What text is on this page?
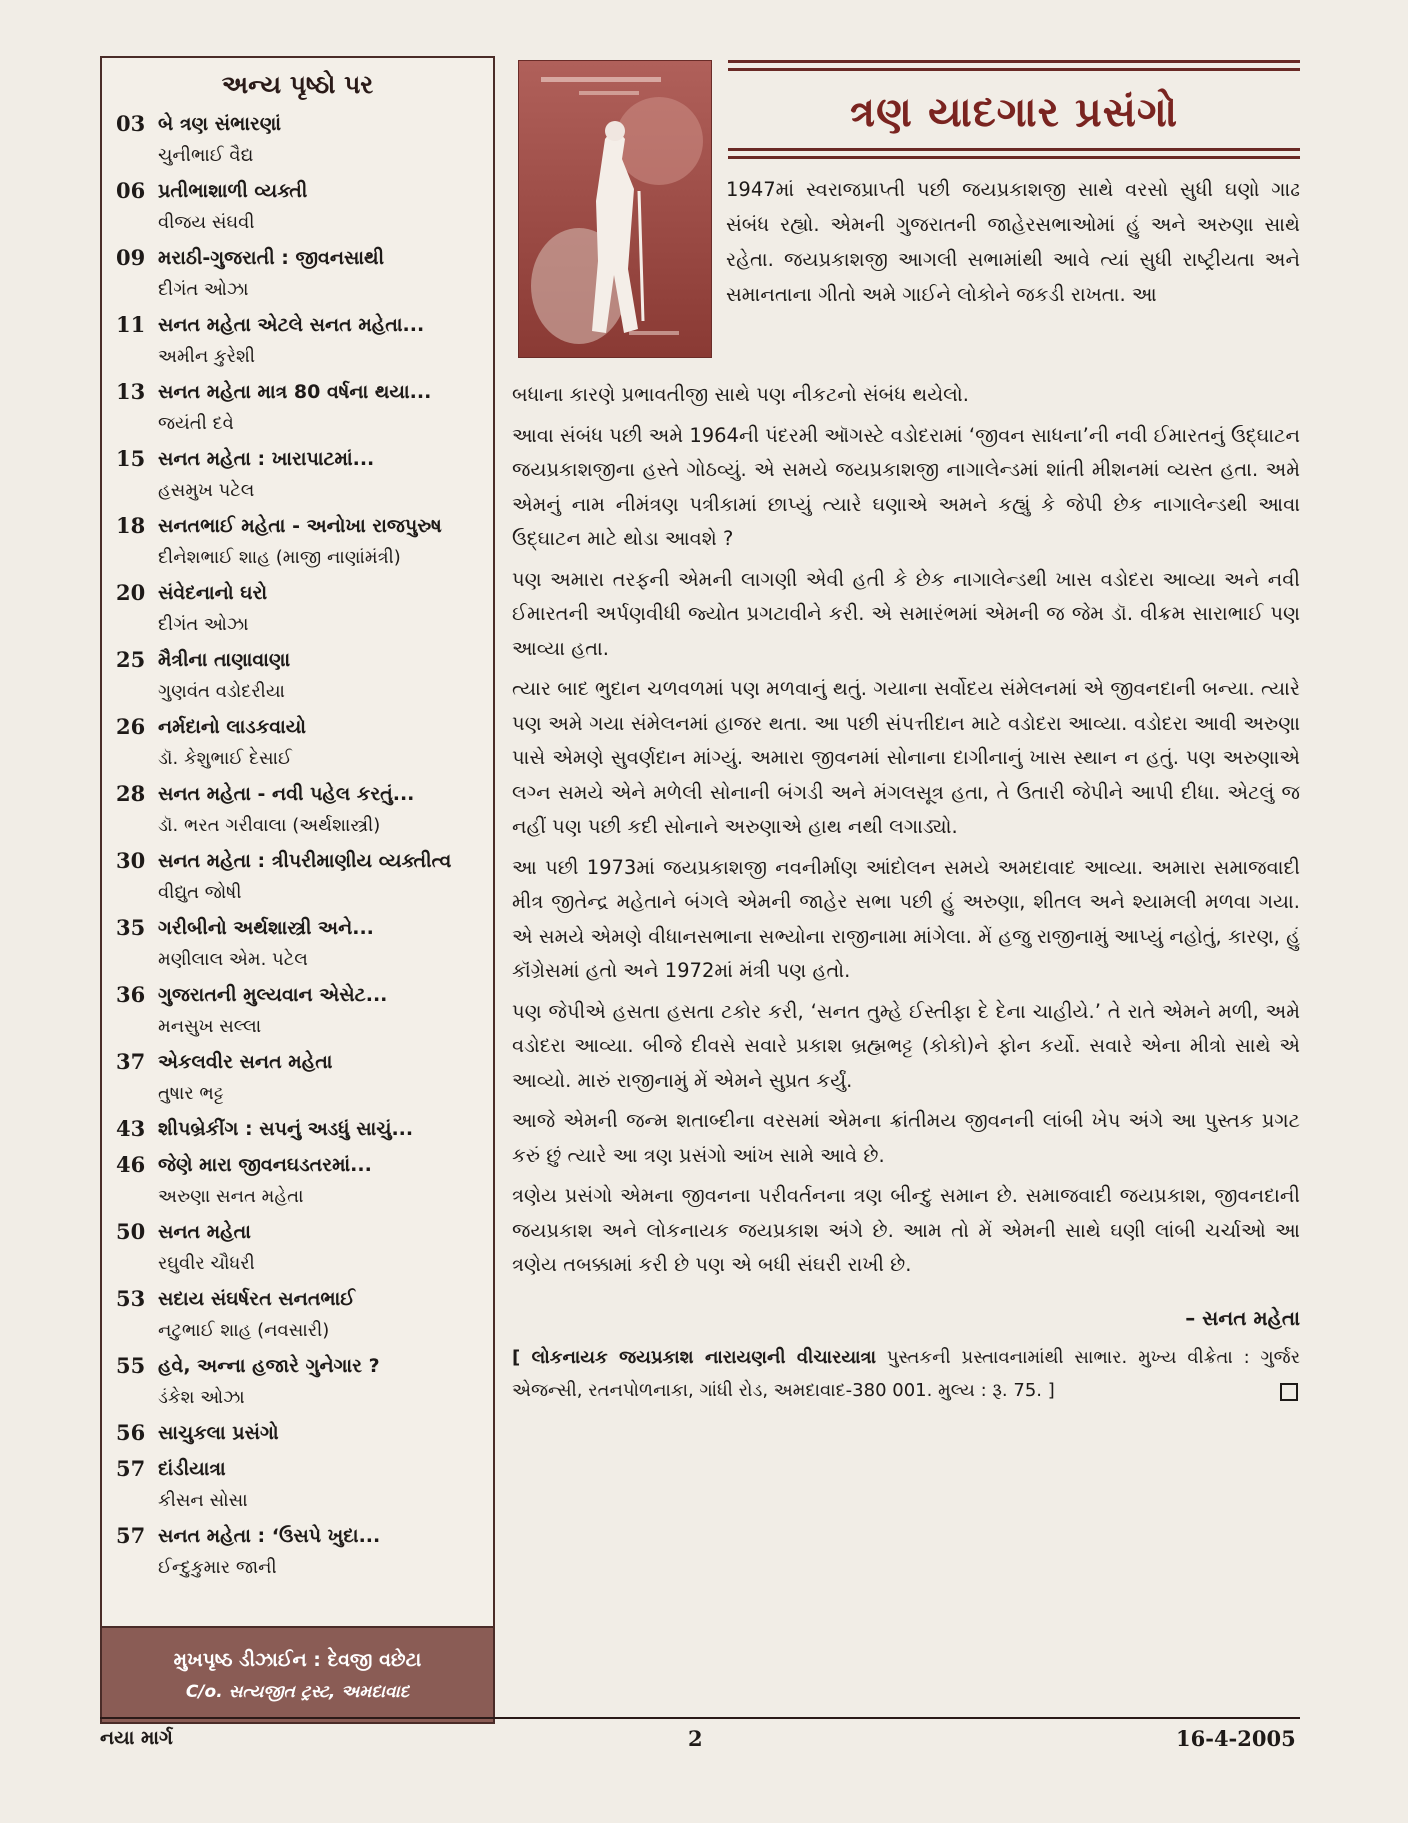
અન્ય પૃષ્ઠો પર
03 બે ત્રણ સંભારણાં
ચુનીભાઈ વૈદ્ય
06 પ્રતીભાશાળી વ્યક્તી
વીજય સંઘવી
09 મરાઠી-ગુજરાતી : જીવનસાથી
દીગંત ઓઝા
11 સનત મહેતા એટલે સનત મહેતા...
અમીન કુરેશી
13 સનત મહેતા માત્ર 80 વર્ષના થયા...
જયંતી દવે
15 સનત મહેતા : ખારાપાટમાં...
હસમુખ પટેલ
18 સનતભાઈ મહેતા - અનોખા રાજપુરુષ
દીનેશભાઈ શાહ (માજી નાણાંમંત્રી)
20 સંવેદનાનો ઘરો
દીગંત ઓઝા
25 મૈત્રીના તાણાવાણા
ગુણવંત વડોદરીયા
26 નર્મદાનો લાડકવાયો
ડૉ. કેશુભાઈ દેસાઈ
28 સનત મહેતા - નવી પહેલ કરતું...
ડૉ. ભરત ગરીવાલા (અર્થશાસ્ત્રી)
30 સનત મહેતા : ત્રીપરીમાણીય વ્યક્તીત્વ
વીદ્યુત જોષી
35 ગરીબીનો અર્થશાસ્ત્રી અને...
મણીલાલ એમ. પટેલ
36 ગુજરાતની મુલ્યવાન એસેટ...
મનસુખ સલ્લા
37 એકલવીર સનત મહેતા
તુષાર ભટ્ટ
43 શીપબ્રેકીંગ : સપનું અડધું સાચું...
46 જેણે મારા જીવનઘડતરમાં...
અરુણા સનત મહેતા
50 સનત મહેતા
રઘુવીર ચૌધરી
53 સદાય સંઘર્ષરત સનતભાઈ
નટુભાઈ શાહ (નવસારી)
55 હવે, અન્ના હજારે ગુનેગાર ?
ડંકેશ ઓઝા
56 સાચુકલા પ્રસંગો
57 દાંડીયાત્રા
કીસન સોસા
57 સનત મહેતા : ‘ઉસપે ખુદા...
ઈન્દુકુમાર જાની
મુખપૃષ્ઠ ડીઝાઈન : દેવજી વછેટા
C/o. સત્યજીત ટ્રસ્ટ, અમદાવાદ
ત્રણ યાદગાર પ્રસંગો

1947માં સ્વરાજપ્રાપ્તી પછી જયપ્રકાશજી સાથે વરસો સુધી ઘણો ગાઢ સંબંધ રહ્યો. એમની ગુજરાતની જાહેરસભાઓમાં હું અને અરુણા સાથે રહેતા. જયપ્રકાશજી આગલી સભામાંથી આવે ત્યાં સુધી રાષ્ટ્રીયતા અને સમાનતાના ગીતો અમે ગાઈને લોકોને જકડી રાખતા. આ

બધાના કારણે પ્રભાવતીજી સાથે પણ નીકટનો સંબંધ થયેલો.

આવા સંબંધ પછી અમે 1964ની પંદરમી ઑગસ્ટે વડોદરામાં ‘જીવન સાધના’ની નવી ઈમારતનું ઉદ્ઘાટન જયપ્રકાશજીના હસ્તે ગોઠવ્યું. એ સમયે જયપ્રકાશજી નાગાલેન્ડમાં શાંતી મીશનમાં વ્યસ્ત હતા. અમે એમનું નામ નીમંત્રણ પત્રીકામાં છાપ્યું ત્યારે ઘણાએ અમને કહ્યું કે જેપી છેક નાગાલેન્ડથી આવા ઉદ્ઘાટન માટે થોડા આવશે ?

પણ અમારા તરફની એમની લાગણી એવી હતી કે છેક નાગાલેન્ડથી ખાસ વડોદરા આવ્યા અને નવી ઈમારતની અર્પણવીધી જ્યોત પ્રગટાવીને કરી. એ સમારંભમાં એમની જ જેમ ડૉ. વીક્રમ સારાભાઈ પણ આવ્યા હતા.

ત્યાર બાદ ભુદાન ચળવળમાં પણ મળવાનું થતું. ગયાના સર્વોદય સંમેલનમાં એ જીવનદાની બન્યા. ત્યારે પણ અમે ગયા સંમેલનમાં હાજર થતા. આ પછી સંપત્તીદાન માટે વડોદરા આવ્યા. વડોદરા આવી અરુણા પાસે એમણે સુવર્ણદાન માંગ્યું. અમારા જીવનમાં સોનાના દાગીનાનું ખાસ સ્થાન ન હતું. પણ અરુણાએ લગ્ન સમયે એને મળેલી સોનાની બંગડી અને મંગલસૂત્ર હતા, તે ઉતારી જેપીને આપી દીધા. એટલું જ નહીં પણ પછી કદી સોનાને અરુણાએ હાથ નથી લગાડ્યો.

આ પછી 1973માં જયપ્રકાશજી નવનીર્માણ આંદોલન સમયે અમદાવાદ આવ્યા. અમારા સમાજવાદી મીત્ર જીતેન્દ્ર મહેતાને બંગલે એમની જાહેર સભા પછી હું અરુણા, શીતલ અને શ્યામલી મળવા ગયા. એ સમયે એમણે વીધાનસભાના સભ્યોના રાજીનામા માંગેલા. મેં હજુ રાજીનામું આપ્યું નહોતું, કારણ, હું કૉંગ્રેસમાં હતો અને 1972માં મંત્રી પણ હતો.

પણ જેપીએ હસતા હસતા ટકોર કરી, ‘સનત તુમ્હે ઈસ્તીફા દે દેના ચાહીયે.’ તે રાતે એમને મળી, અમે વડોદરા આવ્યા. બીજે દીવસે સવારે પ્રકાશ બ્રહ્મભટ્ટ (કોકો)ને ફોન કર્યો. સવારે એના મીત્રો સાથે એ આવ્યો. મારું રાજીનામું મેં એમને સુપ્રત કર્યું.

આજે એમની જન્મ શતાબ્દીના વરસમાં એમના ક્રાંતીમય જીવનની લાંબી ખેપ અંગે આ પુસ્તક પ્રગટ કરું છું ત્યારે આ ત્રણ પ્રસંગો આંખ સામે આવે છે.

ત્રણેય પ્રસંગો એમના જીવનના પરીવર્તનના ત્રણ બીન્દુ સમાન છે. સમાજવાદી જયપ્રકાશ, જીવનદાની જયપ્રકાશ અને લોકનાયક જયપ્રકાશ અંગે છે. આમ તો મેં એમની સાથે ઘણી લાંબી ચર્ચાઓ આ ત્રણેય તબક્કામાં કરી છે પણ એ બધી સંઘરી રાખી છે.

– સનત મહેતા
[ લોકનાયક જયપ્રકાશ નારાયણની વીચારયાત્રા પુસ્તકની પ્રસ્તાવનામાંથી સાભાર. મુખ્ય વીક્રેતા : ગુર્જર એજન્સી, રતનપોળનાકા, ગાંધી રોડ, અમદાવાદ-380 001. મુલ્ય : રૂ. 75. ]
નયા માર્ગ	2	16-4-2005
